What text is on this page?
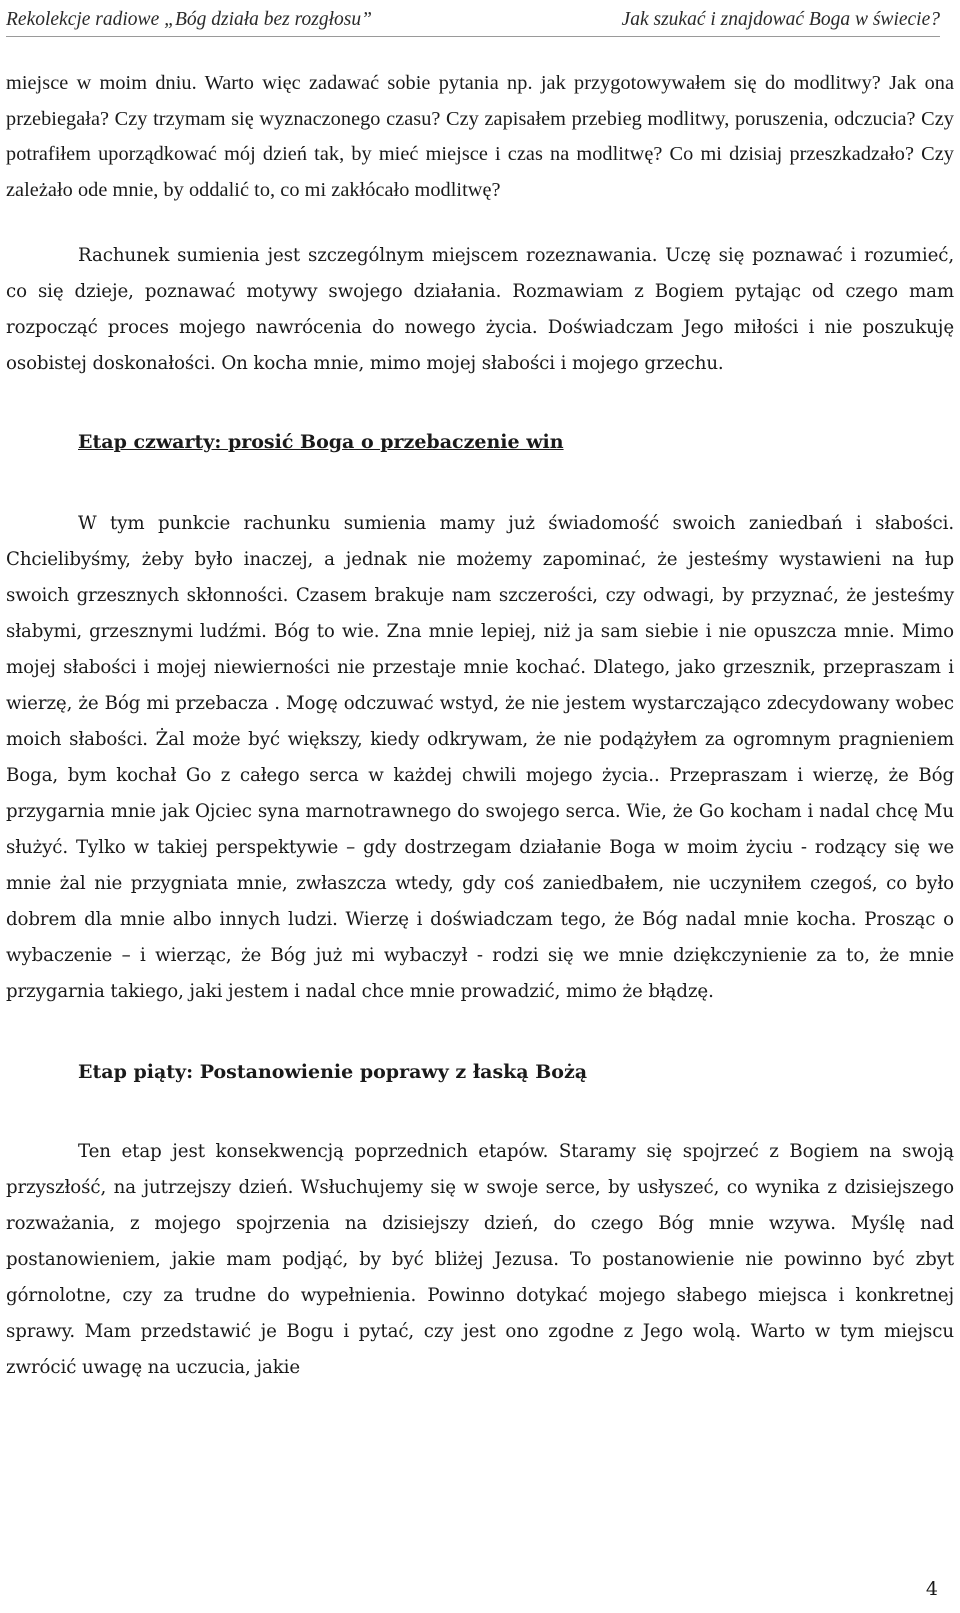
Rekolekcje radiowe „Bóg działa bez rozgłosu”	Jak szukać i znajdować Boga w świecie?

miejsce w moim dniu. Warto więc zadawać sobie pytania np. jak przygotowywałem się do modlitwy? Jak ona przebiegała? Czy trzymam się wyznaczonego czasu? Czy zapisałem przebieg modlitwy, poruszenia, odczucia? Czy potrafiłem uporządkować mój dzień tak, by mieć miejsce i czas na modlitwę? Co mi dzisiaj przeszkadzało? Czy zależało ode mnie, by oddalić to, co mi zakłócało modlitwę?

Rachunek sumienia jest szczególnym miejscem rozeznawania. Uczę się poznawać i rozumieć, co się dzieje, poznawać motywy swojego działania. Rozmawiam z Bogiem pytając od czego mam rozpocząć proces mojego nawrócenia do nowego życia. Doświadczam Jego miłości i nie poszukuję osobistej doskonałości. On kocha mnie, mimo mojej słabości i mojego grzechu.

Etap czwarty: prosić Boga o przebaczenie win

W tym punkcie rachunku sumienia mamy już świadomość swoich zaniedbań i słabości. Chcielibyśmy, żeby było inaczej, a jednak nie możemy zapominać, że jesteśmy wystawieni na łup swoich grzesznych skłonności. Czasem brakuje nam szczerości, czy odwagi, by przyznać, że jesteśmy słabymi, grzesznymi ludźmi. Bóg to wie. Zna mnie lepiej, niż ja sam siebie i nie opuszcza mnie. Mimo mojej słabości i mojej niewierności nie przestaje mnie kochać. Dlatego, jako grzesznik, przepraszam i wierzę, że Bóg mi przebacza . Mogę odczuwać wstyd, że nie jestem wystarczająco zdecydowany wobec moich słabości. Żal może być większy, kiedy odkrywam, że nie podążyłem za ogromnym pragnieniem Boga, bym kochał Go z całego serca w każdej chwili mojego życia.. Przepraszam i wierzę, że Bóg przygarnia mnie jak Ojciec syna marnotrawnego do swojego serca. Wie, że Go kocham i nadal chcę Mu służyć. Tylko w takiej perspektywie – gdy dostrzegam działanie Boga w moim życiu - rodzący się we mnie żal nie przygniata mnie, zwłaszcza wtedy, gdy coś zaniedbałem, nie uczyniłem czegoś, co było dobrem dla mnie albo innych ludzi. Wierzę i doświadczam tego, że Bóg nadal mnie kocha. Prosząc o wybaczenie – i wierząc, że Bóg już mi wybaczył - rodzi się we mnie dziękczynienie za to, że mnie przygarnia takiego, jaki jestem i nadal chce mnie prowadzić, mimo że błądzę.

Etap piąty: Postanowienie poprawy z łaską Bożą

Ten etap jest konsekwencją poprzednich etapów. Staramy się spojrzeć z Bogiem na swoją przyszłość, na jutrzejszy dzień. Wsłuchujemy się w swoje serce, by usłyszeć, co wynika z dzisiejszego rozważania, z mojego spojrzenia na dzisiejszy dzień, do czego Bóg mnie wzywa. Myślę nad postanowieniem, jakie mam podjąć, by być bliżej Jezusa. To postanowienie nie powinno być zbyt górnolotne, czy za trudne do wypełnienia. Powinno dotykać mojego słabego miejsca i konkretnej sprawy. Mam przedstawić je Bogu i pytać, czy jest ono zgodne z Jego wolą. Warto w tym miejscu zwrócić uwagę na uczucia, jakie

4
